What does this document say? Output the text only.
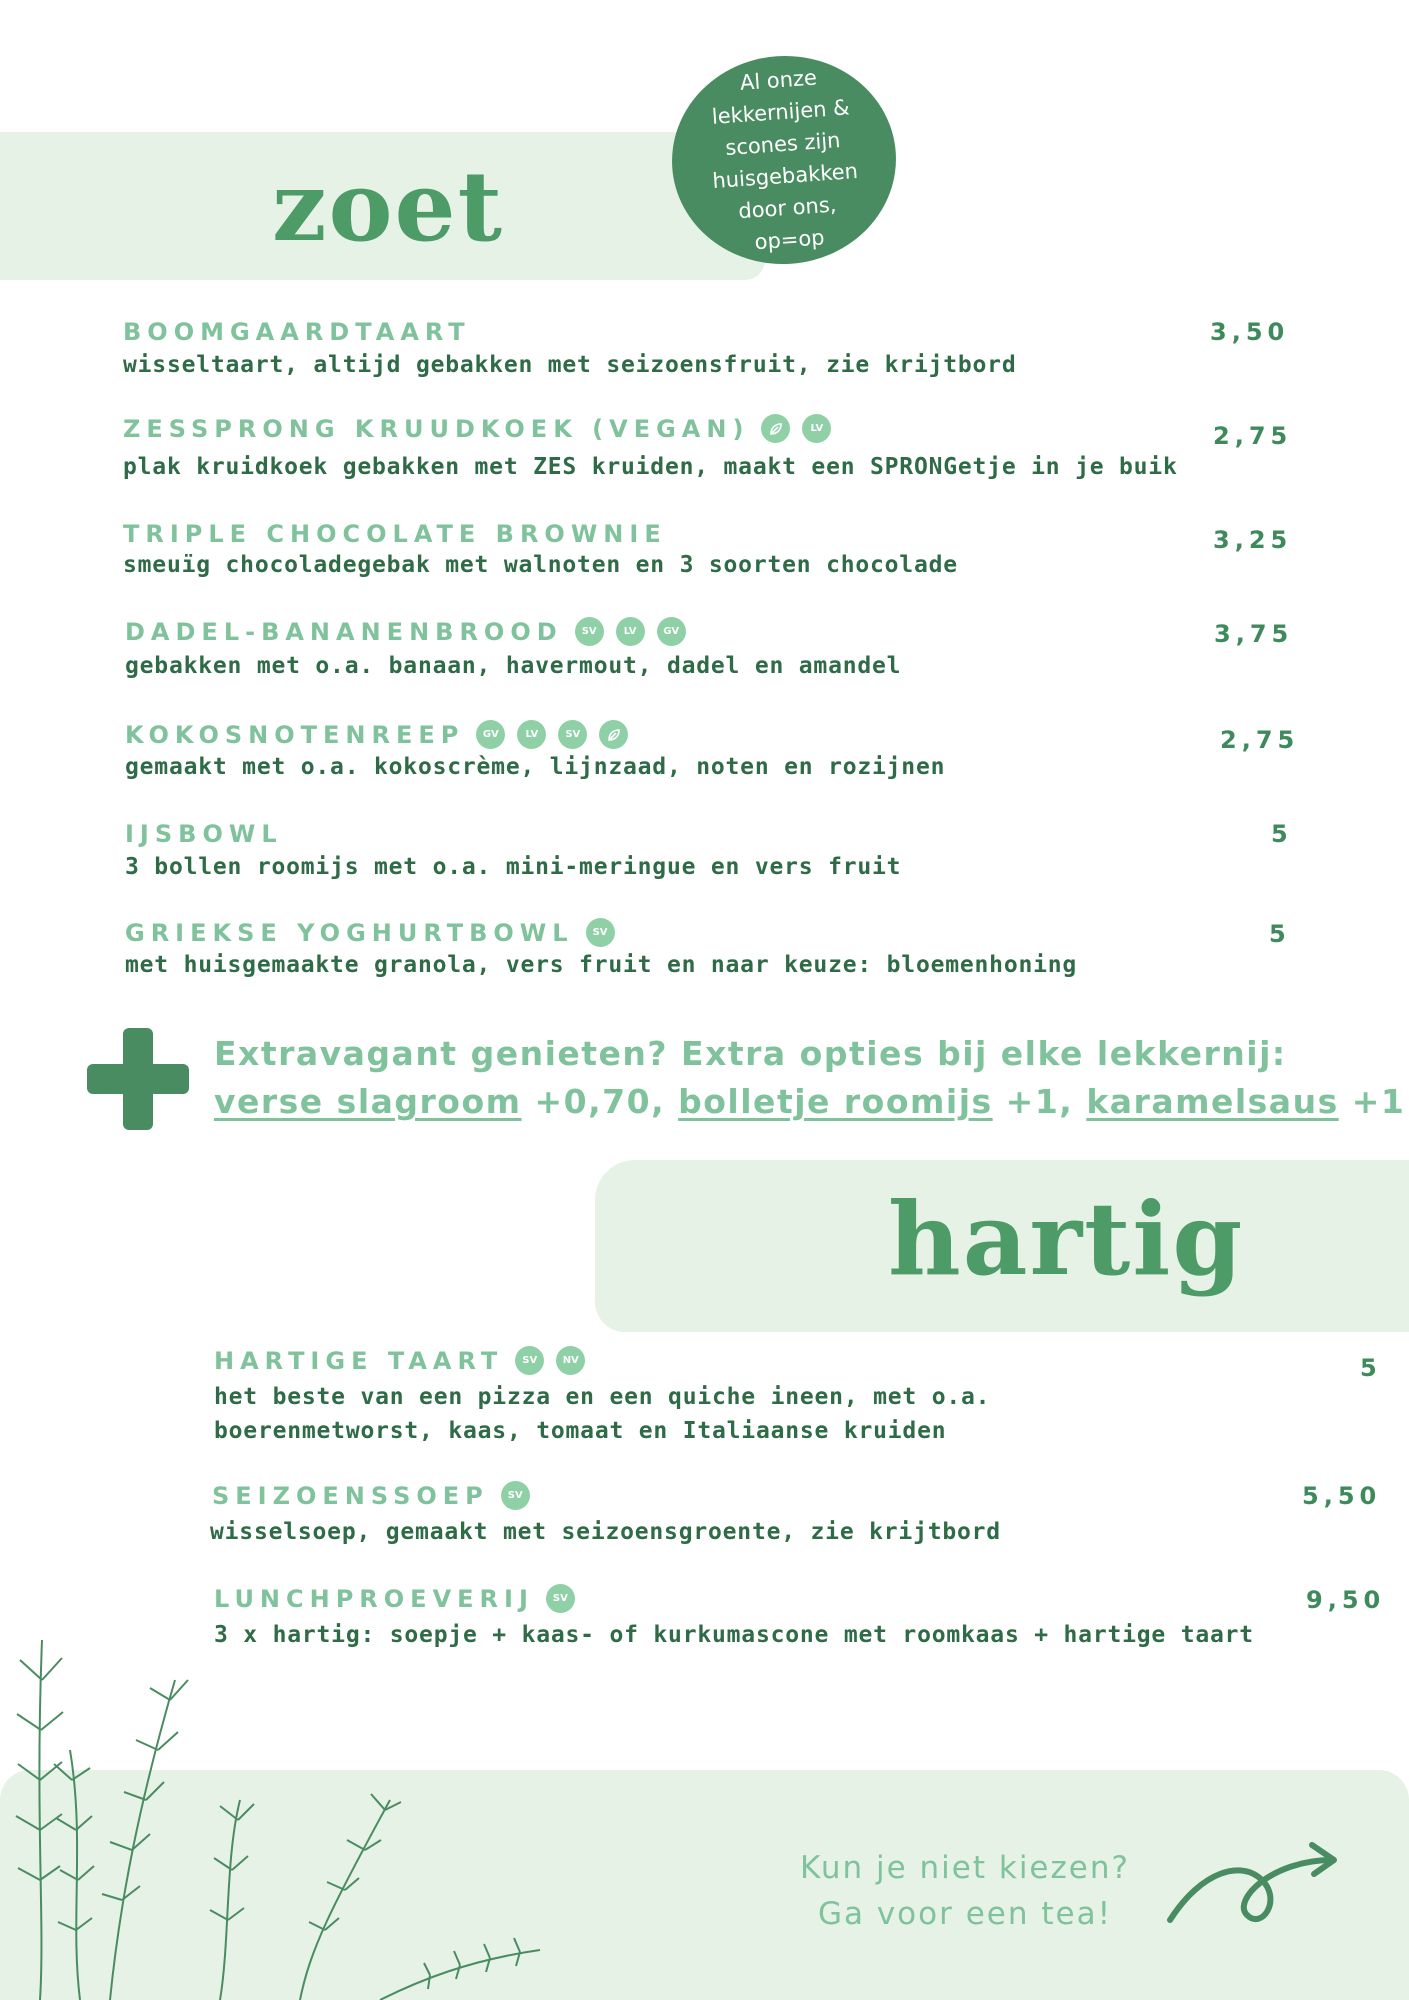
zoet
hartig
Al onze lekkernijen & scones zijn huisgebakken door ons, op=op
BOOMGAARDTAART
wisseltaart, altijd gebakken met seizoensfruit, zie krijtbord
3,50
ZESSPRONG KRUUDKOEK (VEGAN)	LV
plak kruidkoek gebakken met ZES kruiden, maakt een SPRONGetje in je buik
2,75
TRIPLE CHOCOLATE BROWNIE
smeuïg chocoladegebak met walnoten en 3 soorten chocolade
3,25
DADEL-BANANENBROOD	SV	LV	GV
gebakken met o.a. banaan, havermout, dadel en amandel
3,75
KOKOSNOTENREEP	GV	LV	SV
gemaakt met o.a. kokoscrème, lijnzaad, noten en rozijnen
2,75
IJSBOWL
3 bollen roomijs met o.a. mini-meringue en vers fruit
5
GRIEKSE YOGHURTBOWL	SV
met huisgemaakte granola, vers fruit en naar keuze: bloemenhoning
5
Extravagant genieten? Extra opties bij elke lekkernij:
verse slagroom +0,70, bolletje roomijs +1, karamelsaus +1
HARTIGE TAART	SV	NV
het beste van een pizza en een quiche ineen, met o.a.
boerenmetworst, kaas, tomaat en Italiaanse kruiden
5
SEIZOENSSOEP	SV
wisselsoep, gemaakt met seizoensgroente, zie krijtbord
5,50
LUNCHPROEVERIJ	SV
3 x hartig: soepje + kaas- of kurkumascone met roomkaas + hartige taart
9,50
Kun je niet kiezen?
Ga voor een tea!
